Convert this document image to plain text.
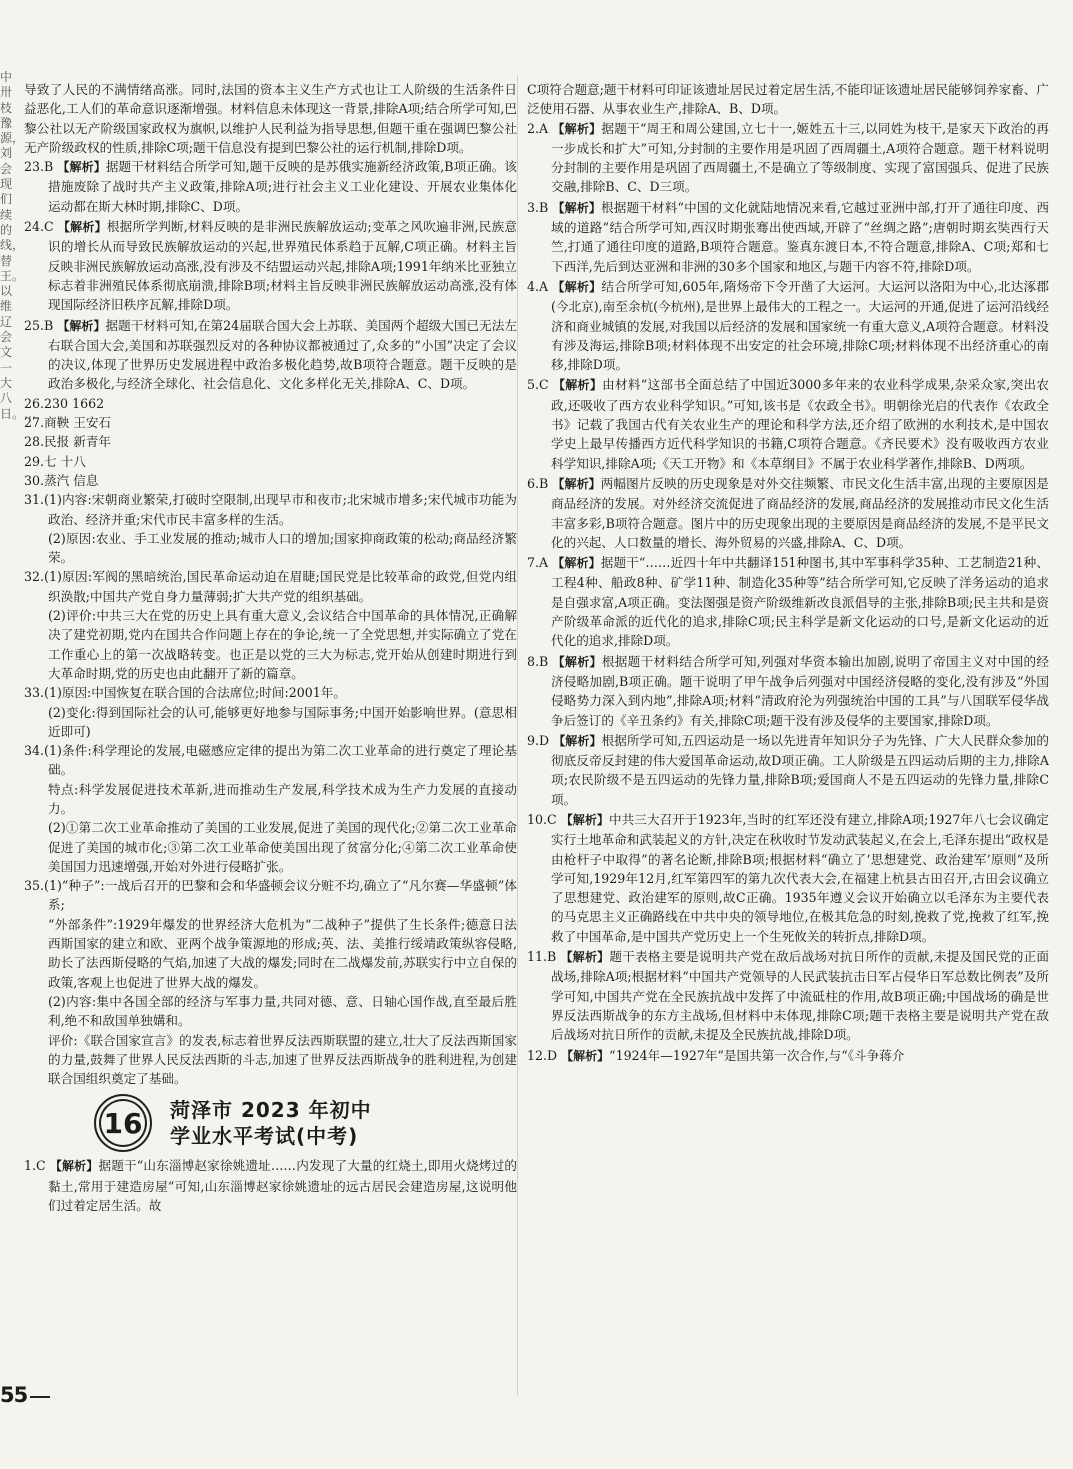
中卅枝豫源，刘会现们续的线，替王。以维辽会文一大八日。…

导致了人民的不满情绪高涨。同时,法国的资本主义生产方式也让工人阶级的生活条件日益恶化,工人们的革命意识逐渐增强。材料信息未体现这一背景,排除A项;结合所学可知,巴黎公社以无产阶级国家政权为旗帜,以维护人民利益为指导思想,但题干重在强调巴黎公社无产阶级政权的性质,排除C项;题干信息没有提到巴黎公社的运行机制,排除D项。

23.B 【解析】据题干材料结合所学可知,题干反映的是苏俄实施新经济政策,B项正确。该措施废除了战时共产主义政策,排除A项;进行社会主义工业化建设、开展农业集体化运动都在斯大林时期,排除C、D项。

24.C 【解析】根据所学判断,材料反映的是非洲民族解放运动;变革之风吹遍非洲,民族意识的增长从而导致民族解放运动的兴起,世界殖民体系趋于瓦解,C项正确。材料主旨反映非洲民族解放运动高涨,没有涉及不结盟运动兴起,排除A项;1991年纳米比亚独立标志着非洲殖民体系彻底崩溃,排除B项;材料主旨反映非洲民族解放运动高涨,没有体现国际经济旧秩序瓦解,排除D项。

25.B 【解析】据题干材料可知,在第24届联合国大会上苏联、美国两个超级大国已无法左右联合国大会,美国和苏联强烈反对的各种协议都被通过了,众多的“小国”决定了会议的决议,体现了世界历史发展进程中政治多极化趋势,故B项符合题意。题干反映的是政治多极化,与经济全球化、社会信息化、文化多样化无关,排除A、C、D项。

26.230 1662

27.商鞅 王安石

28.民报 新青年

29.七 十八

30.蒸汽 信息

31.(1)内容:宋朝商业繁荣,打破时空限制,出现早市和夜市;北宋城市增多;宋代城市功能为政治、经济并重;宋代市民丰富多样的生活。

(2)原因:农业、手工业发展的推动;城市人口的增加;国家抑商政策的松动;商品经济繁荣。

32.(1)原因:军阀的黑暗统治,国民革命运动迫在眉睫;国民党是比较革命的政党,但党内组织涣散;中国共产党自身力量薄弱;扩大共产党的组织基础。

(2)评价:中共三大在党的历史上具有重大意义,会议结合中国革命的具体情况,正确解决了建党初期,党内在国共合作问题上存在的争论,统一了全党思想,并实际确立了党在工作重心上的第一次战略转变。也正是以党的三大为标志,党开始从创建时期进行到大革命时期,党的历史也由此翻开了新的篇章。

33.(1)原因:中国恢复在联合国的合法席位;时间:2001年。

(2)变化:得到国际社会的认可,能够更好地参与国际事务;中国开始影响世界。(意思相近即可)

34.(1)条件:科学理论的发展,电磁感应定律的提出为第二次工业革命的进行奠定了理论基础。

特点:科学发展促进技术革新,进而推动生产发展,科学技术成为生产力发展的直接动力。

(2)①第二次工业革命推动了美国的工业发展,促进了美国的现代化;②第二次工业革命促进了美国的城市化;③第二次工业革命使美国出现了贫富分化;④第二次工业革命使美国国力迅速增强,开始对外进行侵略扩张。

35.(1)“种子”:一战后召开的巴黎和会和华盛顿会议分赃不均,确立了“凡尔赛—华盛顿”体系;

“外部条件”:1929年爆发的世界经济大危机为“二战种子”提供了生长条件;德意日法西斯国家的建立和欧、亚两个战争策源地的形成;英、法、美推行绥靖政策纵容侵略,助长了法西斯侵略的气焰,加速了大战的爆发;同时在二战爆发前,苏联实行中立自保的政策,客观上也促进了世界大战的爆发。

(2)内容:集中各国全部的经济与军事力量,共同对德、意、日轴心国作战,直至最后胜利,绝不和敌国单独媾和。

评价:《联合国家宣言》的发表,标志着世界反法西斯联盟的建立,壮大了反法西斯国家的力量,鼓舞了世界人民反法西斯的斗志,加速了世界反法西斯战争的胜利进程,为创建联合国组织奠定了基础。

16	菏泽市 2023 年初中
学业水平考试(中考)

1.C 【解析】据题干“山东淄博赵家徐姚遗址……内发现了大量的红烧土,即用火烧烤过的黏土,常用于建造房屋”可知,山东淄博赵家徐姚遗址的远古居民会建造房屋,这说明他们过着定居生活。故

C项符合题意;题干材料可印证该遗址居民过着定居生活,不能印证该遗址居民能够饲养家畜、广泛使用石器、从事农业生产,排除A、B、D项。

2.A 【解析】据题干“周王和周公建国,立七十一,姬姓五十三,以同姓为枝干,是家天下政治的再一步成长和扩大”可知,分封制的主要作用是巩固了西周疆土,A项符合题意。题干材料说明分封制的主要作用是巩固了西周疆土,不是确立了等级制度、实现了富国强兵、促进了民族交融,排除B、C、D三项。

3.B 【解析】根据题干材料“中国的文化就陆地情况来看,它越过亚洲中部,打开了通往印度、西域的道路”结合所学可知,西汉时期张骞出使西域,开辟了“丝绸之路”;唐朝时期玄奘西行天竺,打通了通往印度的道路,B项符合题意。鉴真东渡日本,不符合题意,排除A、C项;郑和七下西洋,先后到达亚洲和非洲的30多个国家和地区,与题干内容不符,排除D项。

4.A 【解析】结合所学可知,605年,隋炀帝下令开凿了大运河。大运河以洛阳为中心,北达涿郡(今北京),南至余杭(今杭州),是世界上最伟大的工程之一。大运河的开通,促进了运河沿线经济和商业城镇的发展,对我国以后经济的发展和国家统一有重大意义,A项符合题意。材料没有涉及海运,排除B项;材料体现不出安定的社会环境,排除C项;材料体现不出经济重心的南移,排除D项。

5.C 【解析】由材料“这部书全面总结了中国近3000多年来的农业科学成果,杂采众家,突出农政,还吸收了西方农业科学知识。”可知,该书是《农政全书》。明朝徐光启的代表作《农政全书》记载了我国古代有关农业生产的理论和科学方法,还介绍了欧洲的水利技术,是中国农学史上最早传播西方近代科学知识的书籍,C项符合题意。《齐民要术》没有吸收西方农业科学知识,排除A项;《天工开物》和《本草纲目》不属于农业科学著作,排除B、D两项。

6.B 【解析】两幅图片反映的历史现象是对外交往频繁、市民文化生活丰富,出现的主要原因是商品经济的发展。对外经济交流促进了商品经济的发展,商品经济的发展推动市民文化生活丰富多彩,B项符合题意。图片中的历史现象出现的主要原因是商品经济的发展,不是平民文化的兴起、人口数量的增长、海外贸易的兴盛,排除A、C、D项。

7.A 【解析】据题干“……近四十年中共翻译151种图书,其中军事科学35种、工艺制造21种、工程4种、船政8种、矿学11种、制造化35种等”结合所学可知,它反映了洋务运动的追求是自强求富,A项正确。变法图强是资产阶级维新改良派倡导的主张,排除B项;民主共和是资产阶级革命派的近代化的追求,排除C项;民主科学是新文化运动的口号,是新文化运动的近代化的追求,排除D项。

8.B 【解析】根据题干材料结合所学可知,列强对华资本输出加剧,说明了帝国主义对中国的经济侵略加剧,B项正确。题干说明了甲午战争后列强对中国经济侵略的变化,没有涉及“外国侵略势力深入到内地”,排除A项;材料“清政府沦为列强统治中国的工具”与八国联军侵华战争后签订的《辛丑条约》有关,排除C项;题干没有涉及侵华的主要国家,排除D项。

9.D 【解析】根据所学可知,五四运动是一场以先进青年知识分子为先锋、广大人民群众参加的彻底反帝反封建的伟大爱国革命运动,故D项正确。工人阶级是五四运动后期的主力,排除A项;农民阶级不是五四运动的先锋力量,排除B项;爱国商人不是五四运动的先锋力量,排除C项。

10.C 【解析】中共三大召开于1923年,当时的红军还没有建立,排除A项;1927年八七会议确定实行土地革命和武装起义的方针,决定在秋收时节发动武装起义,在会上,毛泽东提出“政权是由枪杆子中取得”的著名论断,排除B项;根据材料“确立了‘思想建党、政治建军’原则”及所学可知,1929年12月,红军第四军的第九次代表大会,在福建上杭县古田召开,古田会议确立了思想建党、政治建军的原则,故C正确。1935年遵义会议开始确立以毛泽东为主要代表的马克思主义正确路线在中共中央的领导地位,在极其危急的时刻,挽救了党,挽救了红军,挽救了中国革命,是中国共产党历史上一个生死攸关的转折点,排除D项。

11.B 【解析】题干表格主要是说明共产党在敌后战场对抗日所作的贡献,未提及国民党的正面战场,排除A项;根据材料“中国共产党领导的人民武装抗击日军占侵华日军总数比例表”及所学可知,中国共产党在全民族抗战中发挥了中流砥柱的作用,故B项正确;中国战场的确是世界反法西斯战争的东方主战场,但材料中未体现,排除C项;题干表格主要是说明共产党在敌后战场对抗日所作的贡献,未提及全民族抗战,排除D项。

12.D 【解析】“1924年—1927年”是国共第一次合作,与“《斗争蒋介

55
